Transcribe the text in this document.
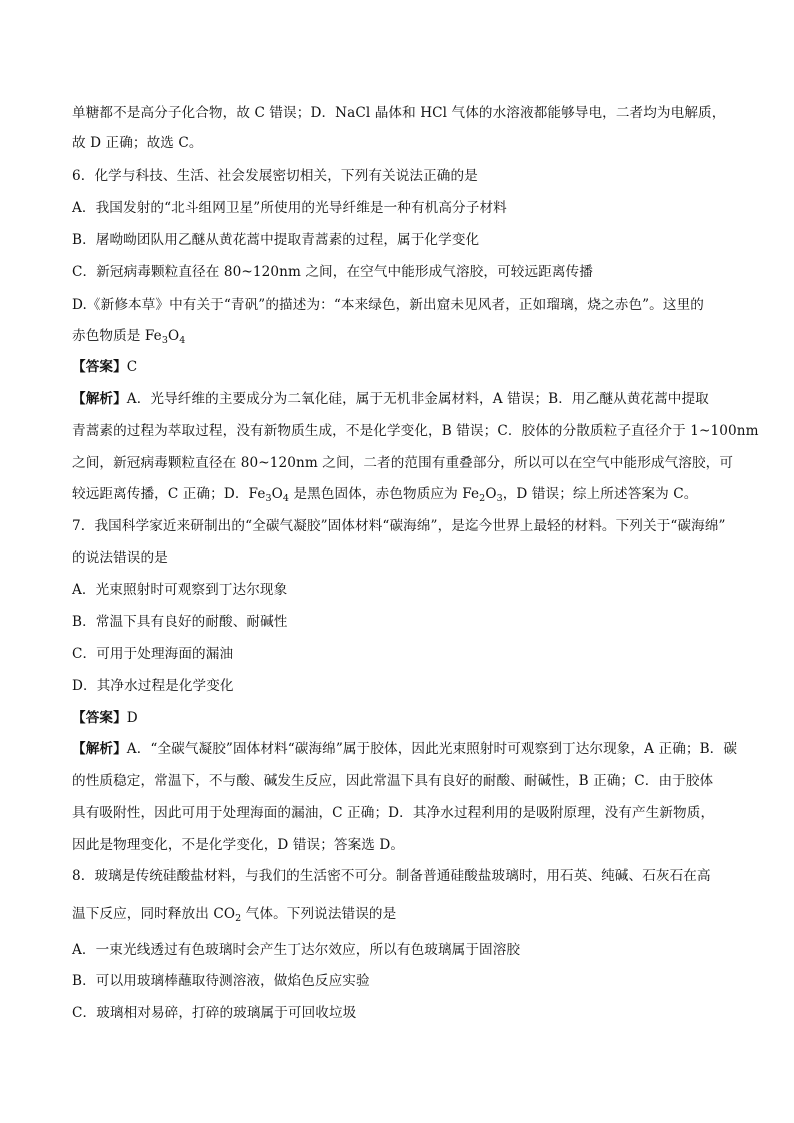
单糖都不是高分子化合物，故 C 错误；D．NaCl 晶体和 HCl 气体的水溶液都能够导电，二者均为电解质，

故 D 正确；故选 C。

6．化学与科技、生活、社会发展密切相关，下列有关说法正确的是

A．我国发射的“北斗组网卫星”所使用的光导纤维是一种有机高分子材料

B．屠呦呦团队用乙醚从黄花蒿中提取青蒿素的过程，属于化学变化

C．新冠病毒颗粒直径在 80~120nm 之间，在空气中能形成气溶胶，可较远距离传播

D.《新修本草》中有关于“青矾”的描述为：“本来绿色，新出窟未见风者，正如瑠璃，烧之赤色”。这里的

赤色物质是 $Fe_3O_4$

【答案】C

【解析】A．光导纤维的主要成分为二氧化硅，属于无机非金属材料，A 错误；B．用乙醚从黄花蒿中提取

青蒿素的过程为萃取过程，没有新物质生成，不是化学变化，B 错误；C．胶体的分散质粒子直径介于 1~100nm

之间，新冠病毒颗粒直径在 80~120nm 之间，二者的范围有重叠部分，所以可以在空气中能形成气溶胶，可

较远距离传播，C 正确；D．$Fe_3O_4$ 是黑色固体，赤色物质应为 $Fe_2O_3$，D 错误；综上所述答案为 C。

7．我国科学家近来研制出的“全碳气凝胶”固体材料“碳海绵”，是迄今世界上最轻的材料。下列关于“碳海绵”

的说法错误的是

A．光束照射时可观察到丁达尔现象

B．常温下具有良好的耐酸、耐碱性

C．可用于处理海面的漏油

D．其净水过程是化学变化

【答案】D

【解析】A．“全碳气凝胶”固体材料“碳海绵”属于胶体，因此光束照射时可观察到丁达尔现象，A 正确；B．碳

的性质稳定，常温下，不与酸、碱发生反应，因此常温下具有良好的耐酸、耐碱性，B 正确；C．由于胶体

具有吸附性，因此可用于处理海面的漏油，C 正确；D．其净水过程利用的是吸附原理，没有产生新物质，

因此是物理变化，不是化学变化，D 错误；答案选 D。

8．玻璃是传统硅酸盐材料，与我们的生活密不可分。制备普通硅酸盐玻璃时，用石英、纯碱、石灰石在高

温下反应，同时释放出 $CO_2$ 气体。下列说法错误的是

A．一束光线透过有色玻璃时会产生丁达尔效应，所以有色玻璃属于固溶胶

B．可以用玻璃棒蘸取待测溶液，做焰色反应实验

C．玻璃相对易碎，打碎的玻璃属于可回收垃圾
